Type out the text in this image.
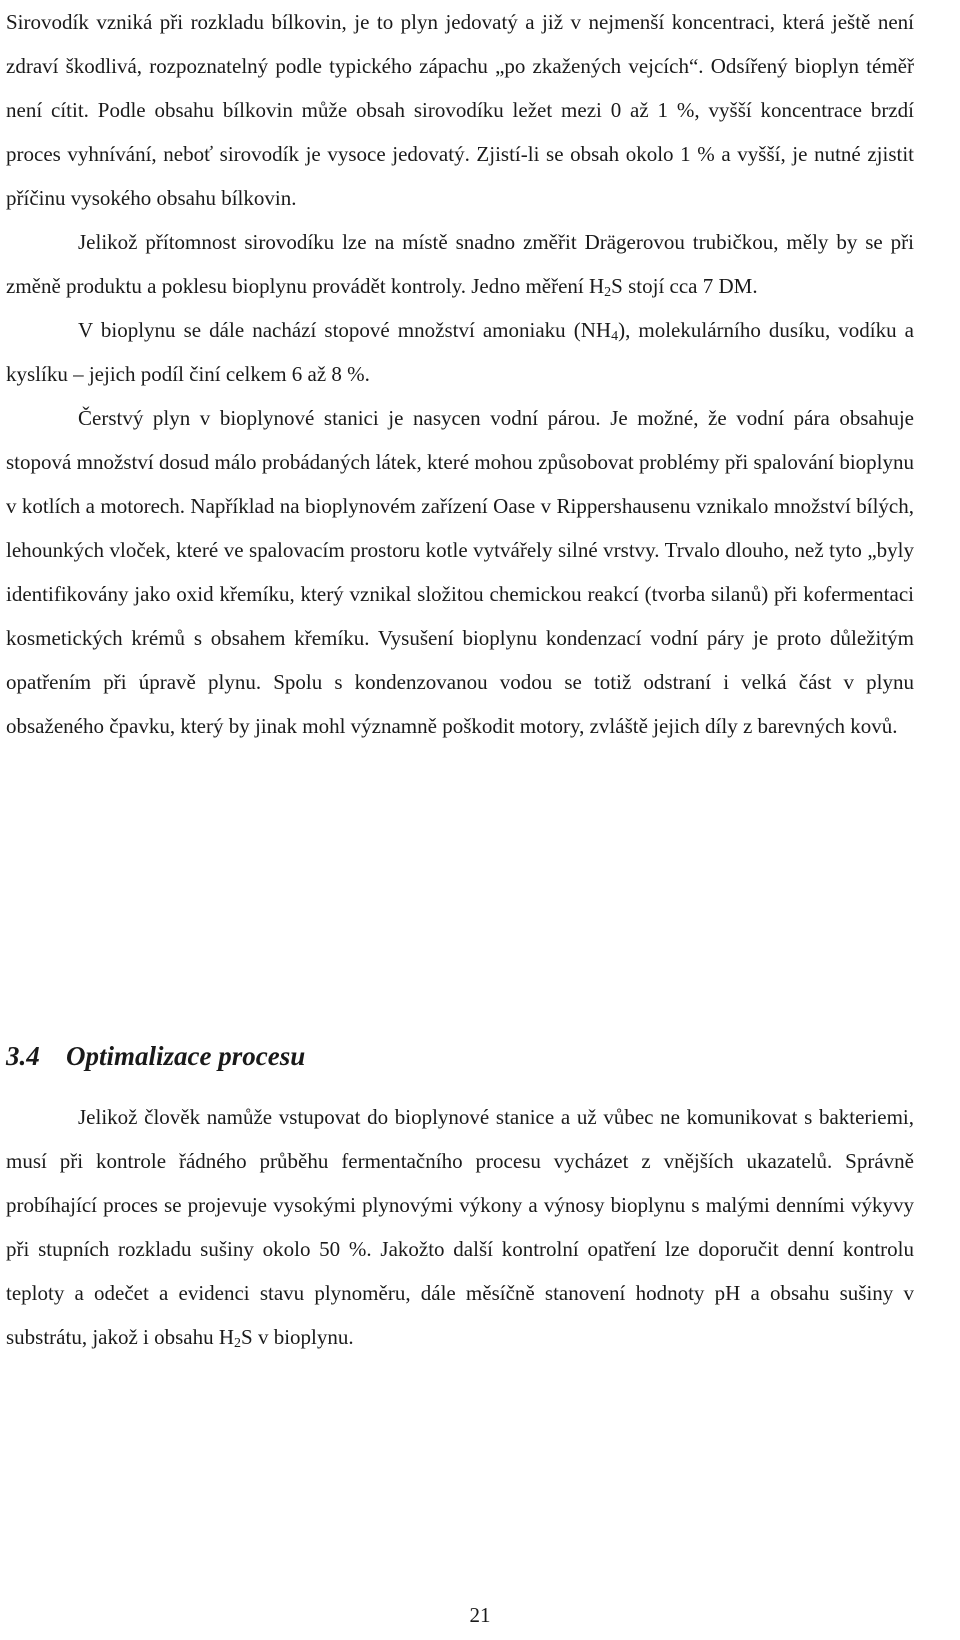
Sirovodík vzniká při rozkladu bílkovin, je to plyn jedovatý a již v nejmenší koncentraci, která ještě není zdraví škodlivá, rozpoznatelný podle typického zápachu „po zkažených vejcích“. Odsířený bioplyn téměř není cítit. Podle obsahu bílkovin může obsah sirovodíku ležet mezi 0 až 1 %, vyšší koncentrace brzdí proces vyhnívání, neboť sirovodík je vysoce jedovatý. Zjistí-li se obsah okolo 1 % a vyšší, je nutné zjistit příčinu vysokého obsahu bílkovin.

Jelikož přítomnost sirovodíku lze na místě snadno změřit Drägerovou trubičkou, měly by se při změně produktu a poklesu bioplynu provádět kontroly. Jedno měření $H_2S$ stojí cca 7 DM.

V bioplynu se dále nachází stopové množství amoniaku $(NH_4)$, molekulárního dusíku, vodíku a kyslíku – jejich podíl činí celkem 6 až 8 %.

Čerstvý plyn v bioplynové stanici je nasycen vodní párou. Je možné, že vodní pára obsahuje stopová množství dosud málo probádaných látek, které mohou způsobovat problémy při spalování bioplynu v kotlích a motorech. Například na bioplynovém zařízení Oase v Rippershausenu vznikalo množství bílých, lehounkých vloček, které ve spalovacím prostoru kotle vytvářely silné vrstvy. Trvalo dlouho, než tyto „byly identifikovány jako oxid křemíku, který vznikal složitou chemickou reakcí (tvorba silanů) při kofermentaci kosmetických krémů s obsahem křemíku. Vysušení bioplynu kondenzací vodní páry je proto důležitým opatřením při úpravě plynu. Spolu s kondenzovanou vodou se totiž odstraní i velká část v plynu obsaženého čpavku, který by jinak mohl významně poškodit motory, zvláště jejich díly z barevných kovů.

3.4 Optimalizace procesu

Jelikož člověk namůže vstupovat do bioplynové stanice a už vůbec ne komunikovat s bakteriemi, musí při kontrole řádného průběhu fermentačního procesu vycházet z vnějších ukazatelů. Správně probíhající proces se projevuje vysokými plynovými výkony a výnosy bioplynu s malými denními výkyvy při stupních rozkladu sušiny okolo 50 %. Jakožto další kontrolní opatření lze doporučit denní kontrolu teploty a odečet a evidenci stavu plynoměru, dále měsíčně stanovení hodnoty pH a obsahu sušiny v substrátu, jakož i obsahu $H_2S$ v bioplynu.

21
